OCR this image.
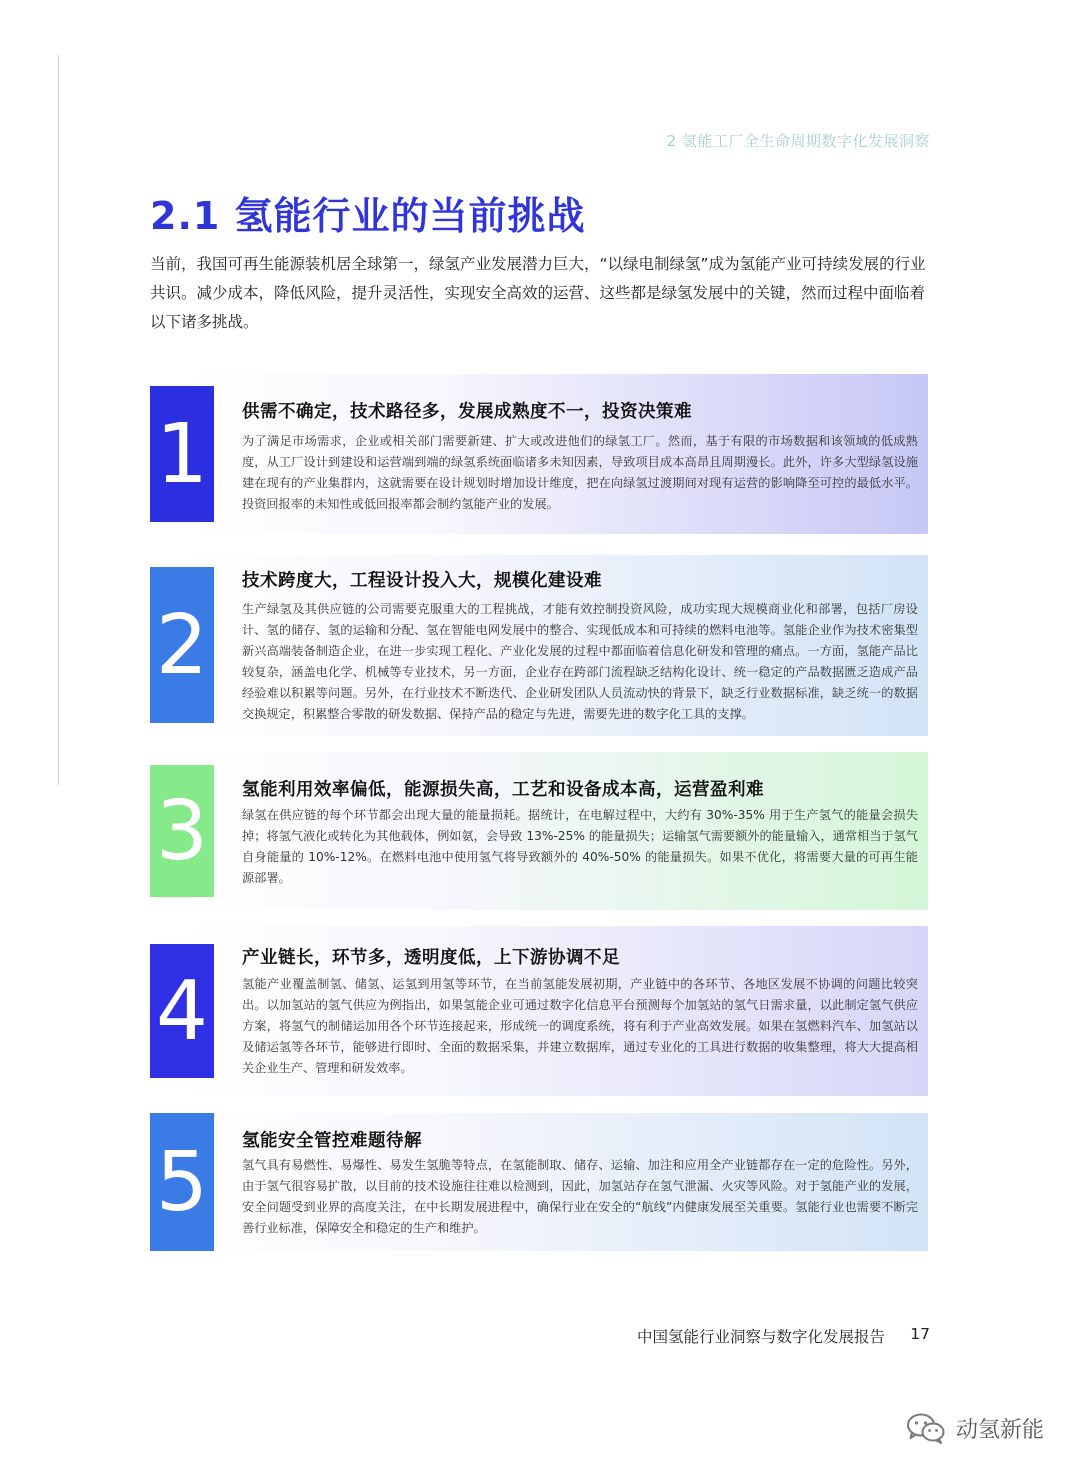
2 氢能工厂全生命周期数字化发展洞察
2.1 氢能行业的当前挑战

当前，我国可再生能源装机居全球第一，绿氢产业发展潜力巨大，“以绿电制绿氢”成为氢能产业可持续发展的行业共识。减少成本，降低风险，提升灵活性，实现安全高效的运营、这些都是绿氢发展中的关键，然而过程中面临着以下诸多挑战。

1	供需不确定，技术路径多，发展成熟度不一，投资决策难

为了满足市场需求，企业或相关部门需要新建、扩大或改进他们的绿氢工厂。然而，基于有限的市场数据和该领域的低成熟度，从工厂设计到建设和运营端到端的绿氢系统面临诸多未知因素，导致项目成本高昂且周期漫长。此外，许多大型绿氢设施建在现有的产业集群内，这就需要在设计规划时增加设计维度，把在向绿氢过渡期间对现有运营的影响降至可控的最低水平。投资回报率的未知性或低回报率都会制约氢能产业的发展。

2
技术跨度大，工程设计投入大，规模化建设难

生产绿氢及其供应链的公司需要克服重大的工程挑战，才能有效控制投资风险，成功实现大规模商业化和部署，包括厂房设计、氢的储存、氢的运输和分配、氢在智能电网发展中的整合、实现低成本和可持续的燃料电池等。氢能企业作为技术密集型新兴高端装备制造企业，在进一步实现工程化、产业化发展的过程中都面临着信息化研发和管理的痛点。一方面，氢能产品比较复杂，涵盖电化学、机械等专业技术，另一方面，企业存在跨部门流程缺乏结构化设计、统一稳定的产品数据匮乏造成产品经验难以积累等问题。另外，在行业技术不断迭代、企业研发团队人员流动快的背景下，缺乏行业数据标准，缺乏统一的数据交换规定，积累整合零散的研发数据、保持产品的稳定与先进，需要先进的数字化工具的支撑。

3	氢能利用效率偏低，能源损失高，工艺和设备成本高，运营盈利难

绿氢在供应链的每个环节都会出现大量的能量损耗。据统计，在电解过程中，大约有 30%-35% 用于生产氢气的能量会损失掉；将氢气液化或转化为其他载体，例如氨，会导致 13%-25% 的能量损失；运输氢气需要额外的能量输入，通常相当于氢气自身能量的 10%-12%。在燃料电池中使用氢气将导致额外的 40%-50% 的能量损失。如果不优化，将需要大量的可再生能源部署。

4
产业链长，环节多，透明度低，上下游协调不足

氢能产业覆盖制氢、储氢、运氢到用氢等环节，在当前氢能发展初期，产业链中的各环节、各地区发展不协调的问题比较突出。以加氢站的氢气供应为例指出，如果氢能企业可通过数字化信息平台预测每个加氢站的氢气日需求量，以此制定氢气供应方案，将氢气的制储运加用各个环节连接起来，形成统一的调度系统，将有利于产业高效发展。如果在氢燃料汽车、加氢站以及储运氢等各环节，能够进行即时、全面的数据采集，并建立数据库，通过专业化的工具进行数据的收集整理，将大大提高相关企业生产、管理和研发效率。

5	氢能安全管控难题待解

氢气具有易燃性、易爆性、易发生氢脆等特点，在氢能制取、储存、运输、加注和应用全产业链都存在一定的危险性。另外，由于氢气很容易扩散，以目前的技术设施往往难以检测到，因此，加氢站存在氢气泄漏、火灾等风险。对于氢能产业的发展，安全问题受到业界的高度关注，在中长期发展进程中，确保行业在安全的“航线”内健康发展至关重要。氢能行业也需要不断完善行业标准，保障安全和稳定的生产和维护。

中国氢能行业洞察与数字化发展报告 17
动氢新能
